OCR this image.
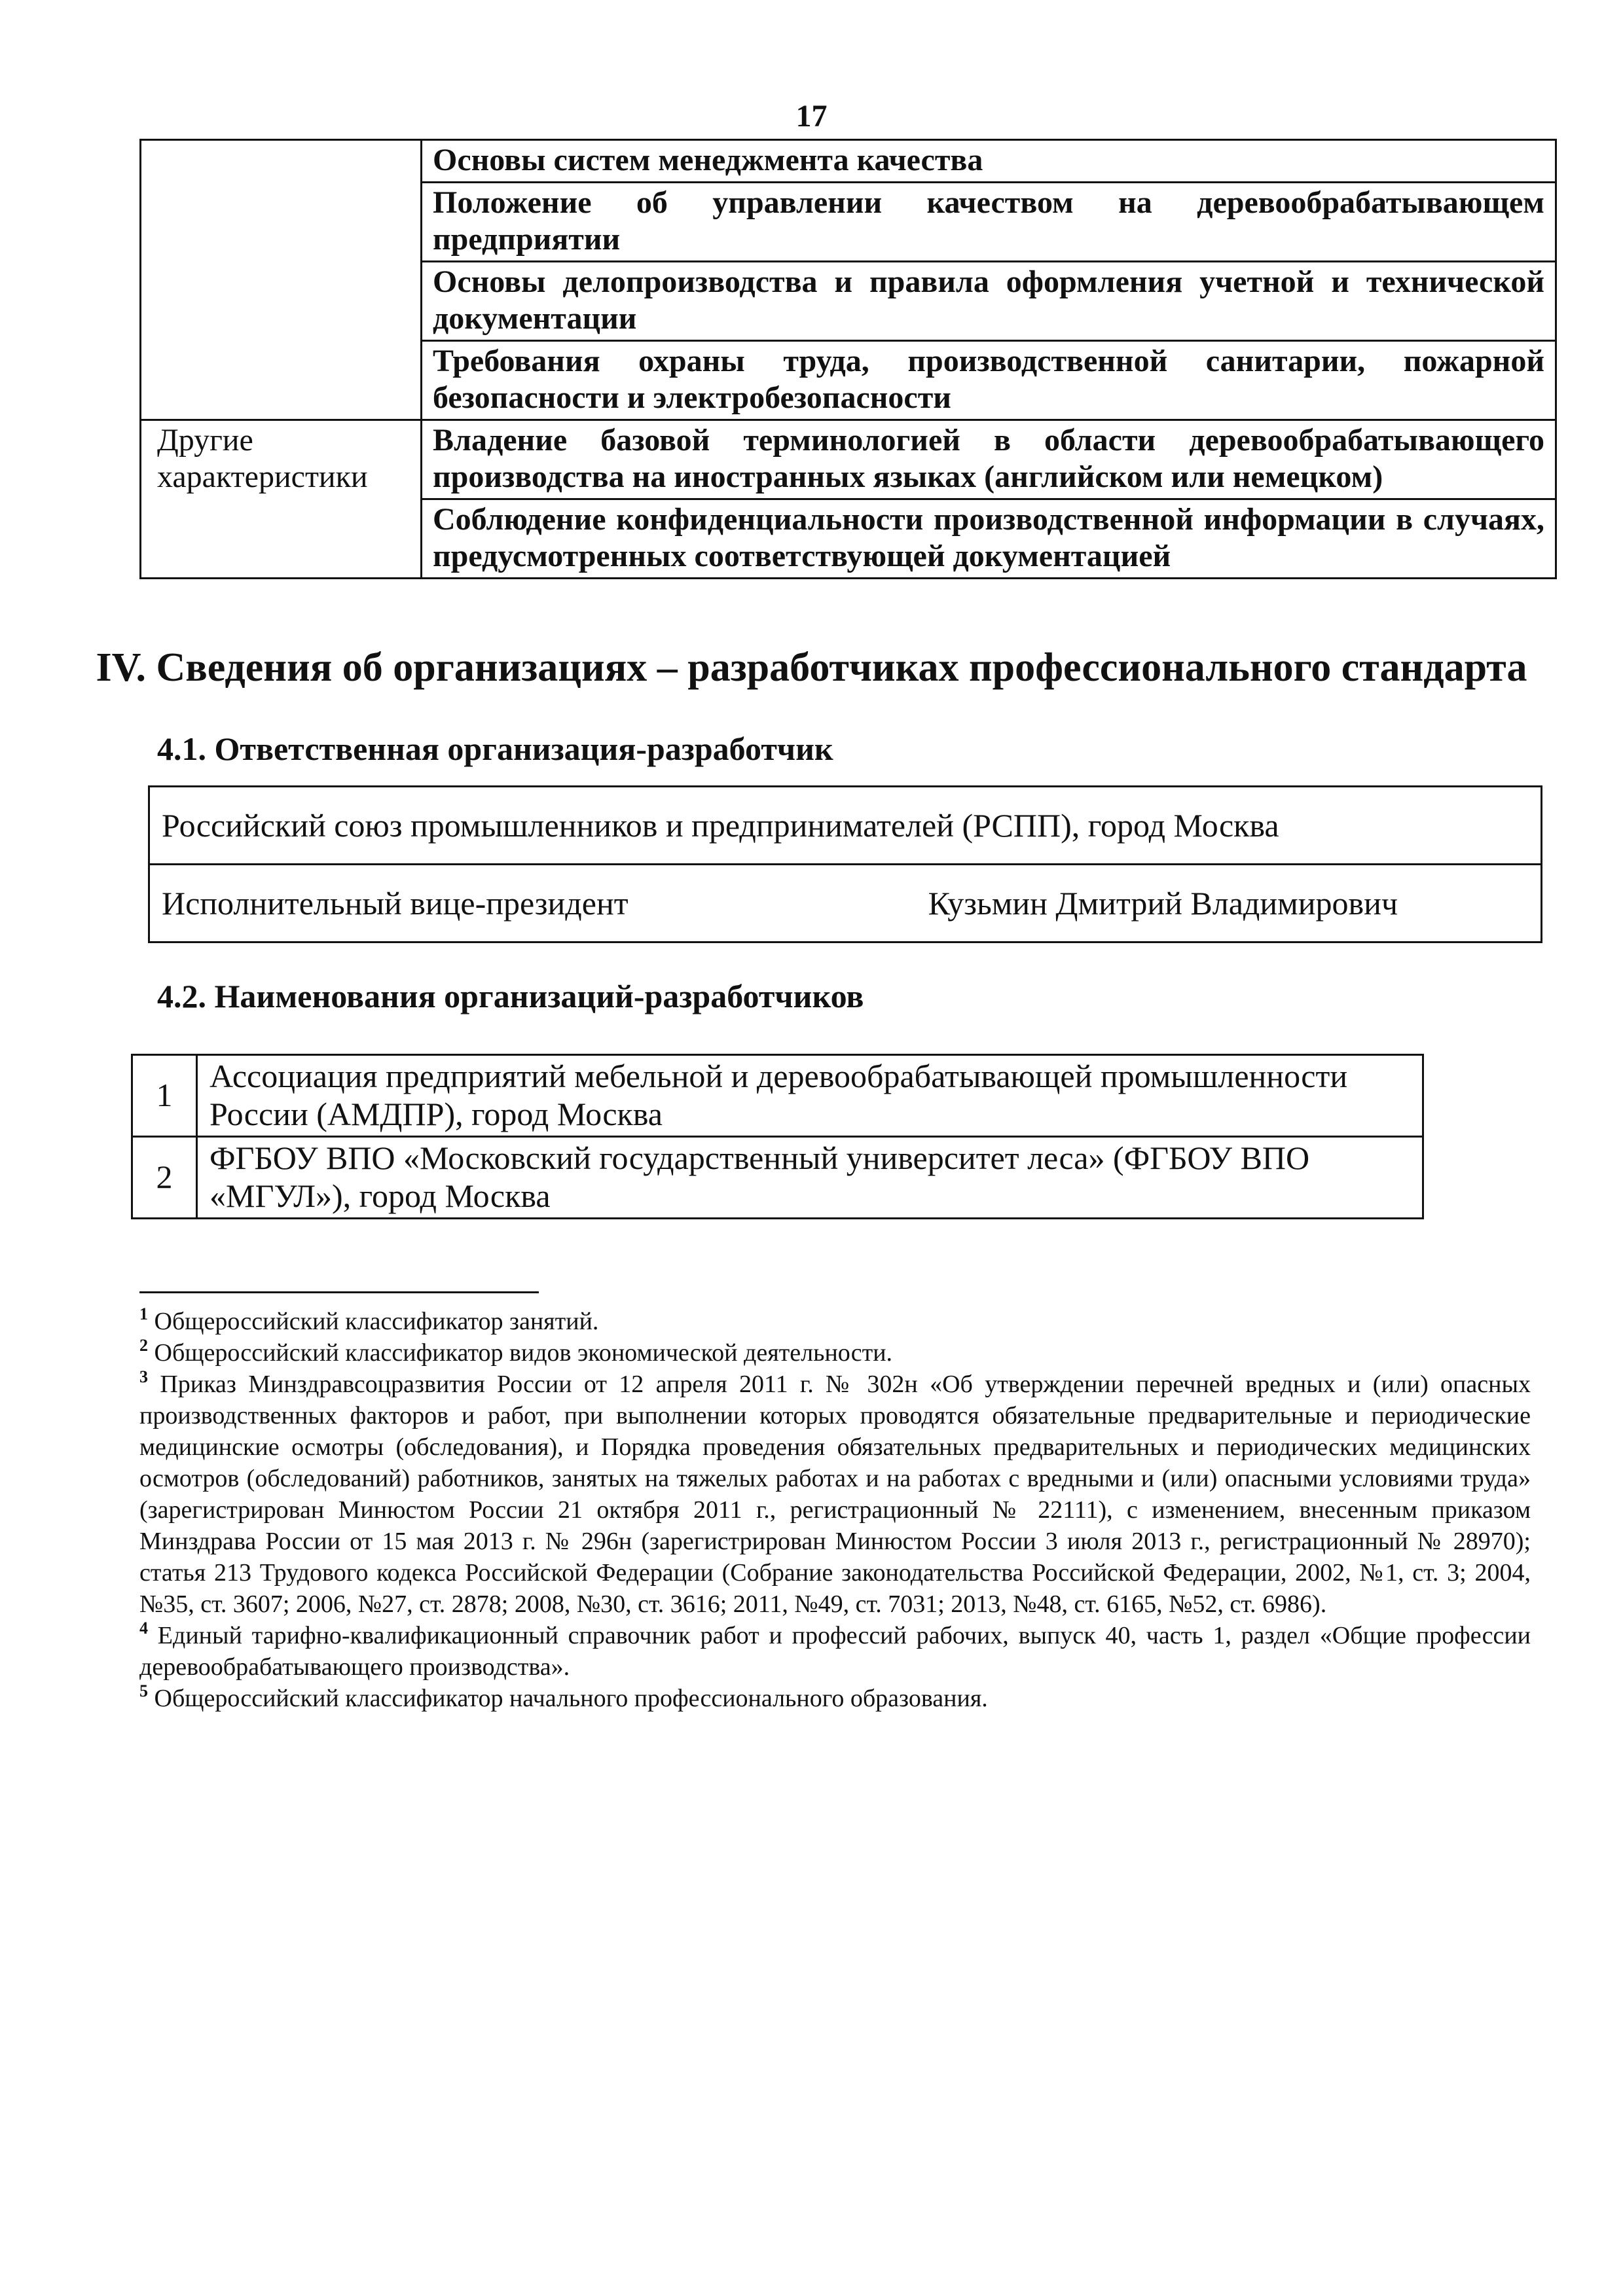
17
	Основы систем менеджмента качества
	Положение об управлении качеством на деревообрабатывающем предприятии
	Основы делопроизводства и правила оформления учетной и технической документации
	Требования охраны труда, производственной санитарии, пожарной безопасности и электробезопасности
Другие характеристики	Владение базовой терминологией в области деревообрабатывающего производства на иностранных языках (английском или немецком)
	Соблюдение конфиденциальности производственной информации в случаях, предусмотренных соответствующей документацией
IV. Сведения об организациях – разработчиках профессионального стандарта
4.1. Ответственная организация-разработчик
Российский союз промышленников и предпринимателей (РСПП), город Москва

Исполнительный вице-президент	Кузьмин Дмитрий Владимирович
4.2. Наименования организаций-разработчиков
1	Ассоциация предприятий мебельной и деревообрабатывающей промышленности России (АМДПР), город Москва
2	ФГБОУ ВПО «Московский государственный университет леса» (ФГБОУ ВПО «МГУЛ»), город Москва

$^1$ Общероссийский классификатор занятий.

$^2$ Общероссийский классификатор видов экономической деятельности.

$^3$ Приказ Минздравсоцразвития России от 12 апреля 2011 г. № 302н «Об утверждении перечней вредных и (или) опасных производственных факторов и работ, при выполнении которых проводятся обязательные предварительные и периодические медицинские осмотры (обследования), и Порядка проведения обязательных предварительных и периодических медицинских осмотров (обследований) работников, занятых на тяжелых работах и на работах с вредными и (или) опасными условиями труда» (зарегистрирован Минюстом России 21 октября 2011 г., регистрационный № 22111), с изменением, внесенным приказом Минздрава России от 15 мая 2013 г. № 296н (зарегистрирован Минюстом России 3 июля 2013 г., регистрационный № 28970); статья 213 Трудового кодекса Российской Федерации (Собрание законодательства Российской Федерации, 2002, №1, ст. 3; 2004, №35, ст. 3607; 2006, №27, ст. 2878; 2008, №30, ст. 3616; 2011, №49, ст. 7031; 2013, №48, ст. 6165, №52, ст. 6986).

$^4$ Единый тарифно-квалификационный справочник работ и профессий рабочих, выпуск 40, часть 1, раздел «Общие профессии деревообрабатывающего производства».

$^5$ Общероссийский классификатор начального профессионального образования.
